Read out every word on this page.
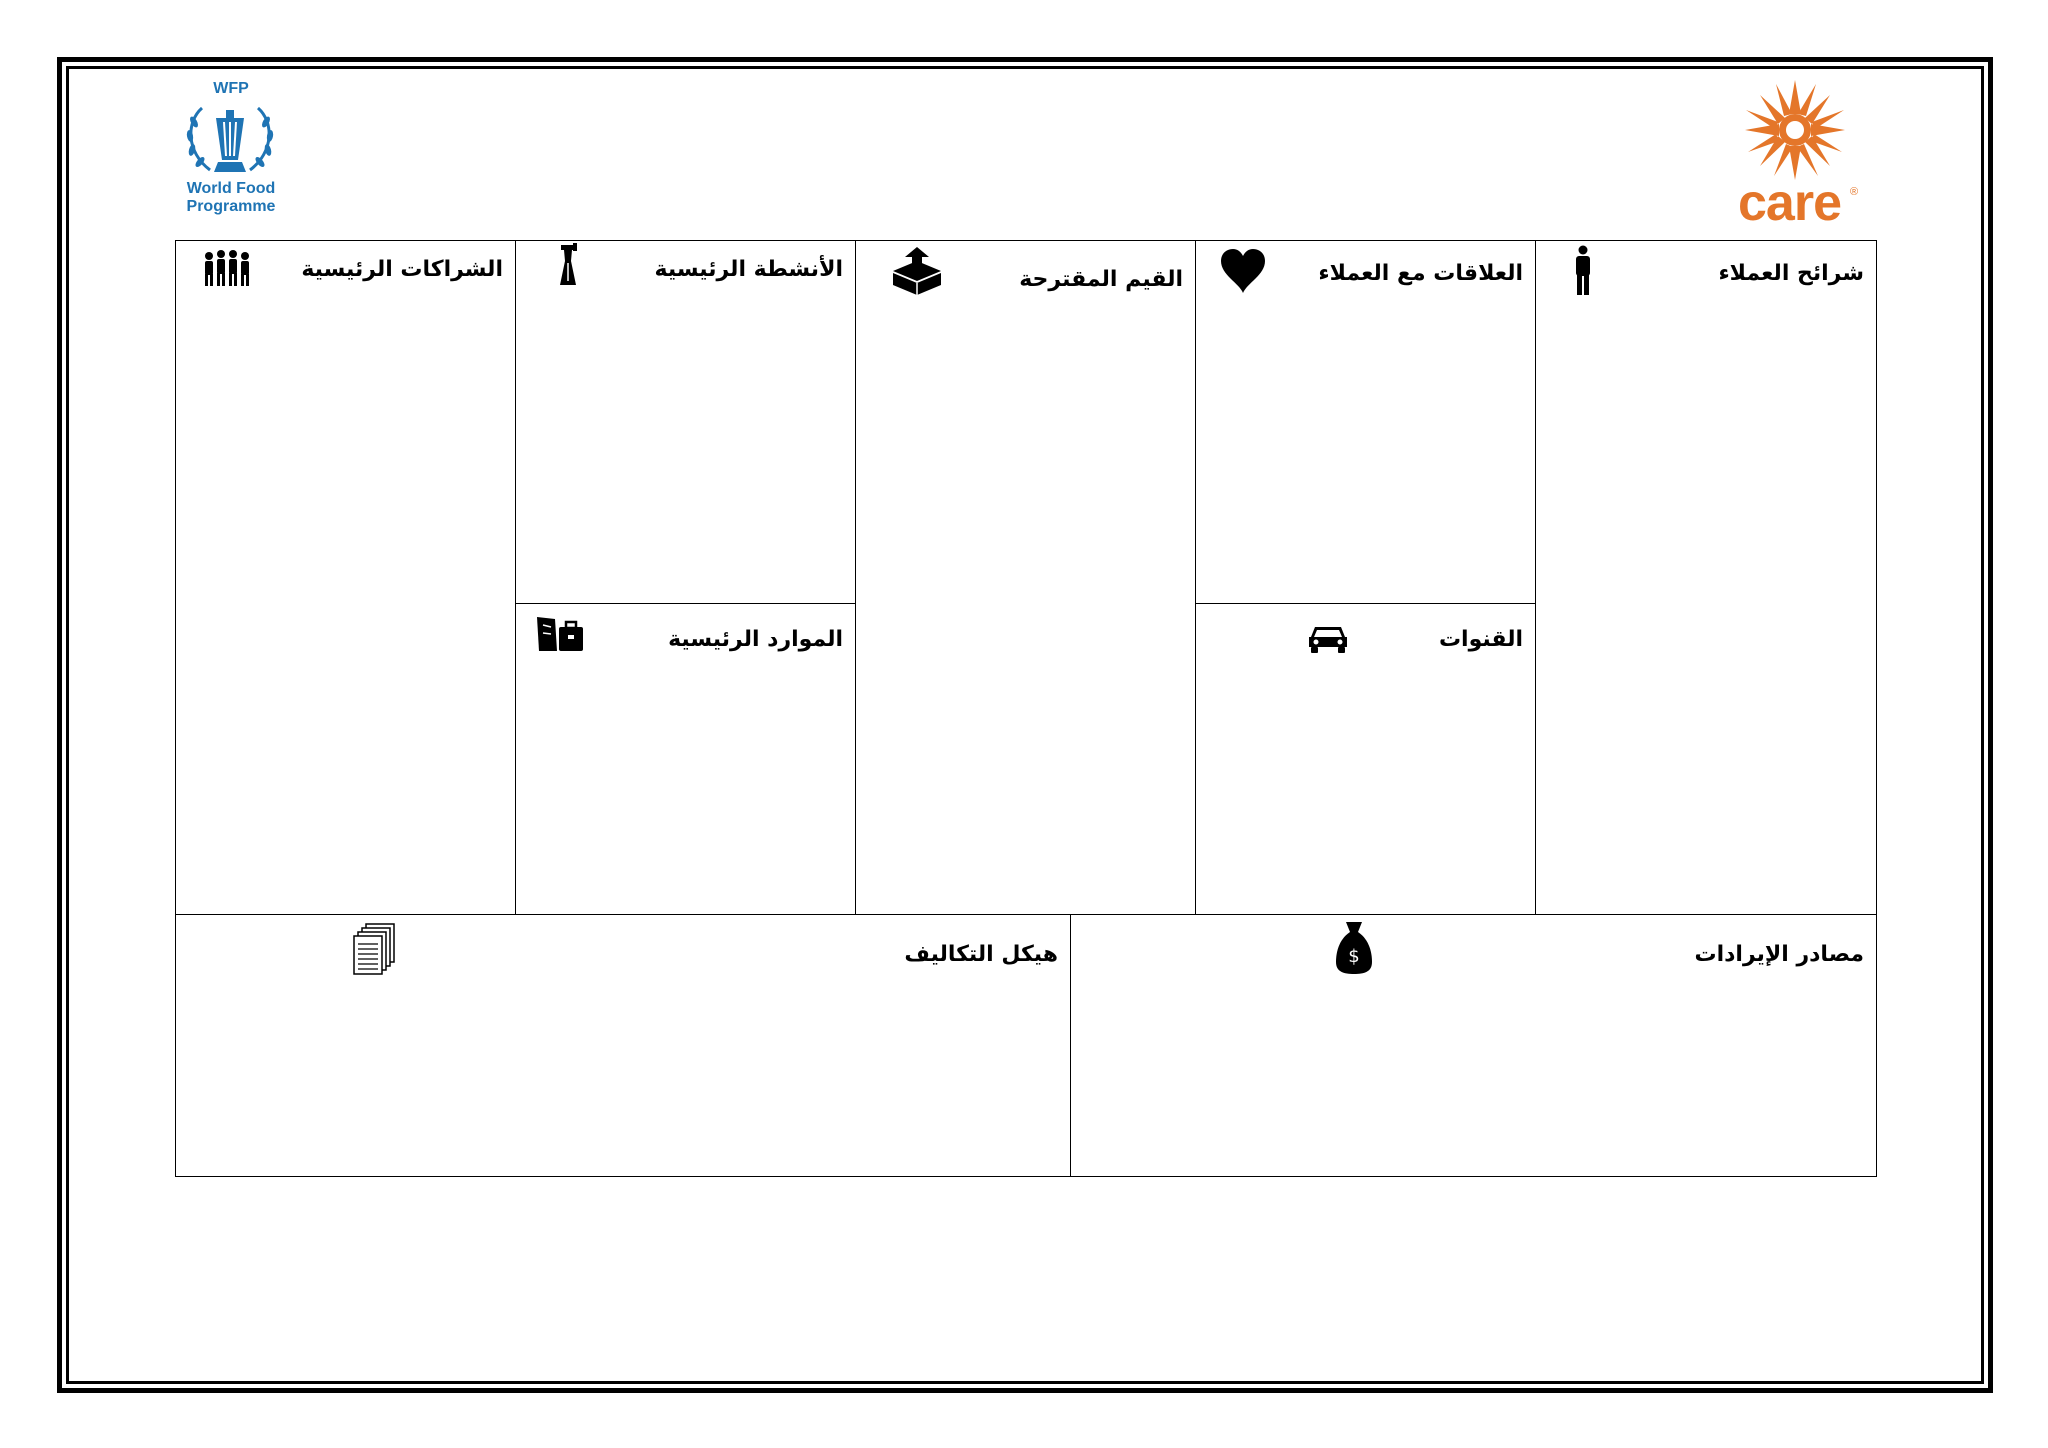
WFP
World Food
Programme	care ®
الشراكات الرئيسية	الأنشطة الرئيسية
الموارد الرئيسية
القيم المقترحة	العلاقات مع العملاء
القنوات
شرائح العملاء
هيكل التكاليف	مصادر الإيرادات
$
